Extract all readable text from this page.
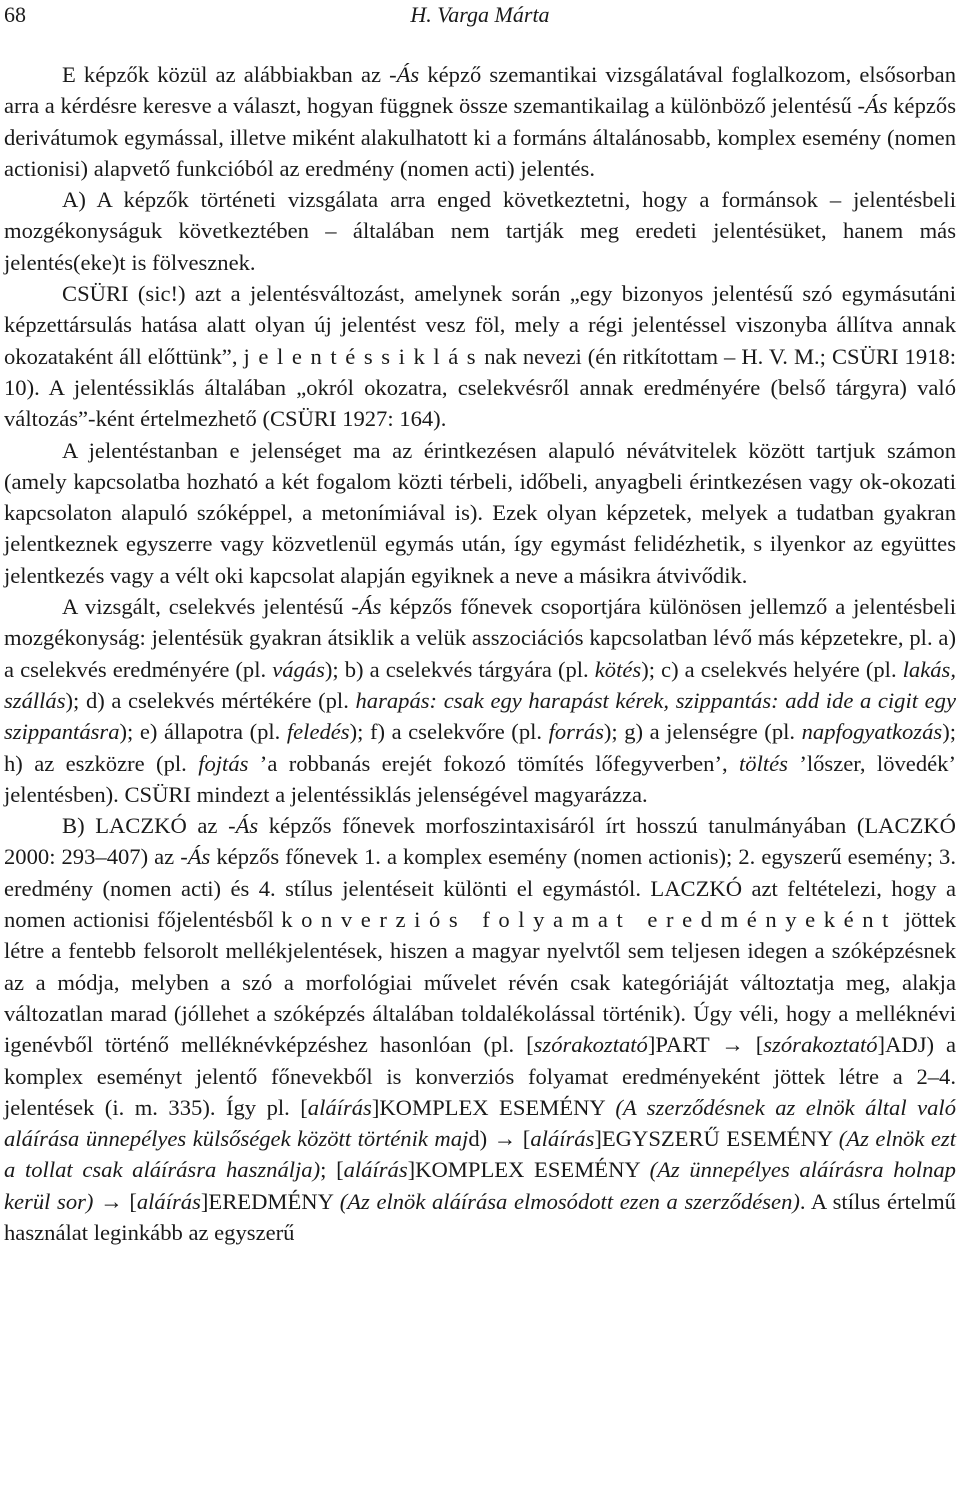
68	H. Varga Márta

E képzők közül az alábbiakban az -Ás képző szemantikai vizsgálatával foglalkozom, elsősorban arra a kérdésre keresve a választ, hogyan függnek össze szemantikailag a különböző jelentésű -Ás képzős derivátumok egymással, illetve miként alakulhatott ki a formáns általánosabb, komplex esemény (nomen actionisi) alapvető funkcióból az eredmény (nomen acti) jelentés.

A) A képzők történeti vizsgálata arra enged következtetni, hogy a formánsok – jelentésbeli mozgékonyságuk következtében – általában nem tartják meg eredeti jelentésüket, hanem más jelentés(eke)t is fölvesznek.

CSÜRI (sic!) azt a jelentésváltozást, amelynek során „egy bizonyos jelentésű szó egymásutáni képzettársulás hatása alatt olyan új jelentést vesz föl, mely a régi jelentéssel viszonyba állítva annak okozataként áll előttünk”, jelentéssiklásnak nevezi (én ritkítottam – H. V. M.; CSÜRI 1918: 10). A jelentéssiklás általában „okról okozatra, cselekvésről annak eredményére (belső tárgyra) való változás”-ként értelmezhető (CSÜRI 1927: 164).

A jelentéstanban e jelenséget ma az érintkezésen alapuló névátvitelek között tartjuk számon (amely kapcsolatba hozható a két fogalom közti térbeli, időbeli, anyagbeli érintkezésen vagy ok-okozati kapcsolaton alapuló szóképpel, a metonímiával is). Ezek olyan képzetek, melyek a tudatban gyakran jelentkeznek egyszerre vagy közvetlenül egymás után, így egymást felidézhetik, s ilyenkor az együttes jelentkezés vagy a vélt oki kapcsolat alapján egyiknek a neve a másikra átvivődik.

A vizsgált, cselekvés jelentésű -Ás képzős főnevek csoportjára különösen jellemző a jelentésbeli mozgékonyság: jelentésük gyakran átsiklik a velük asszociációs kapcsolatban lévő más képzetekre, pl. a) a cselekvés eredményére (pl. vágás); b) a cselekvés tárgyára (pl. kötés); c) a cselekvés helyére (pl. lakás, szállás); d) a cselekvés mértékére (pl. harapás: csak egy harapást kérek, szippantás: add ide a cigit egy szippantásra); e) állapotra (pl. feledés); f) a cselekvőre (pl. forrás); g) a jelenségre (pl. napfogyatkozás); h) az eszközre (pl. fojtás ’a robbanás erejét fokozó tömítés lőfegyverben’, töltés ’lőszer, lövedék’ jelentésben). CSÜRI mindezt a jelentéssiklás jelenségével magyarázza.

B) LACZKÓ az -Ás képzős főnevek morfoszintaxisáról írt hosszú tanulmányában (LACZKÓ 2000: 293–407) az -Ás képzős főnevek 1. a komplex esemény (nomen actionis); 2. egyszerű esemény; 3. eredmény (nomen acti) és 4. stílus jelentéseit különti el egymástól. LACZKÓ azt feltételezi, hogy a nomen actionisi főjelentésből konverziós folyamat eredményeként jöttek létre a fentebb felsorolt mellékjelentések, hiszen a magyar nyelvtől sem teljesen idegen a szóképzésnek az a módja, melyben a szó a morfológiai művelet révén csak kategóriáját változtatja meg, alakja változatlan marad (jóllehet a szóképzés általában toldalékolással történik). Úgy véli, hogy a melléknévi igenévből történő melléknévképzéshez hasonlóan (pl. [szórakoztató]PART → [szórakoztató]ADJ) a komplex eseményt jelentő főnevekből is konverziós folyamat eredményeként jöttek létre a 2–4. jelentések (i. m. 335). Így pl. [aláírás]KOMPLEX ESEMÉNY (A szerződésnek az elnök által való aláírása ünnepélyes külsőségek között történik majd) → [aláírás]EGYSZERŰ ESEMÉNY (Az elnök ezt a tollat csak aláírásra használja); [aláírás]KOMPLEX ESEMÉNY (Az ünnepélyes aláírásra holnap kerül sor) → [aláírás]EREDMÉNY (Az elnök aláírása elmosódott ezen a szerződésen). A stílus értelmű használat leginkább az egyszerű
